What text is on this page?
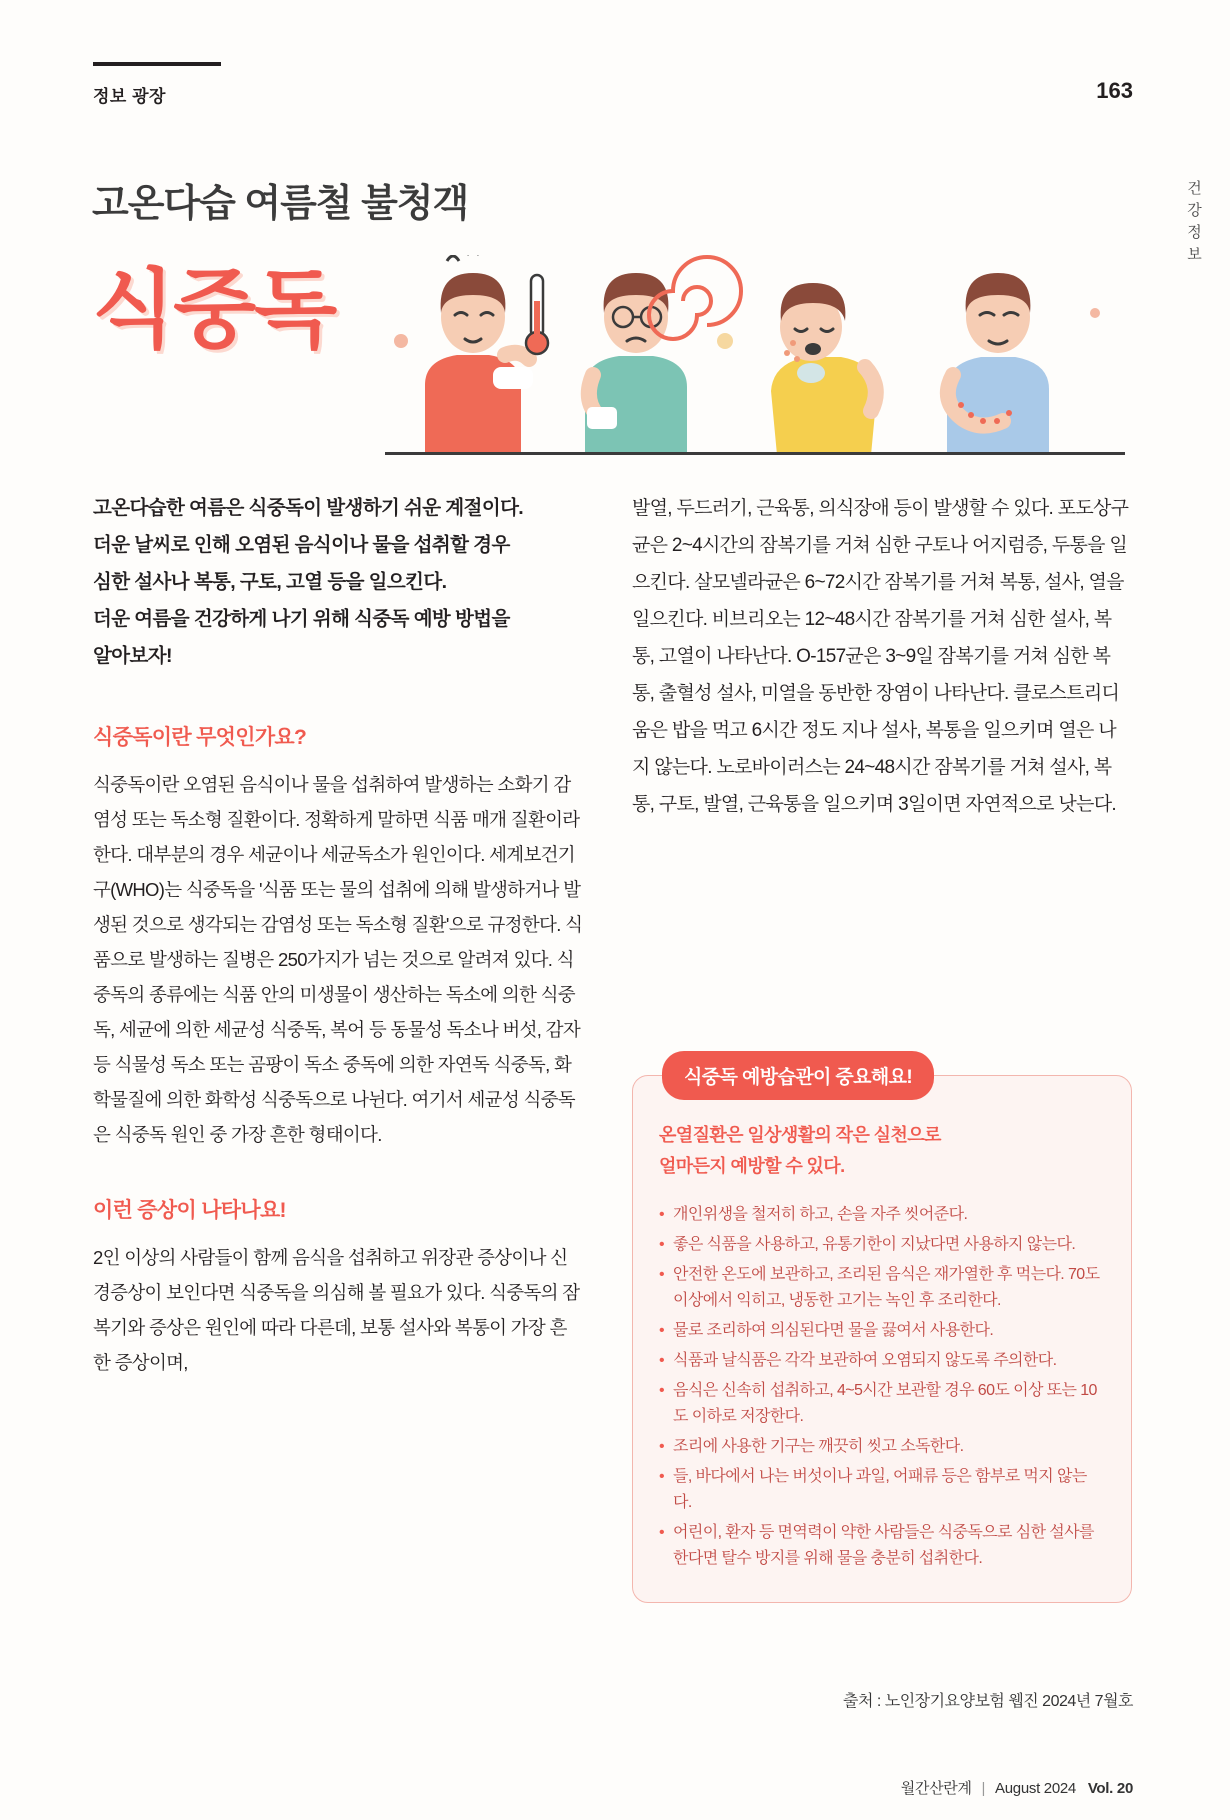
정보 광장	163
건
강
정
보
고온다습 여름철 불청객
식중독

고온다습한 여름은 식중독이 발생하기 쉬운 계절이다.
더운 날씨로 인해 오염된 음식이나 물을 섭취할 경우
심한 설사나 복통, 구토, 고열 등을 일으킨다.
더운 여름을 건강하게 나기 위해 식중독 예방 방법을
알아보자!

식중독이란 무엇인가요?

식중독이란 오염된 음식이나 물을 섭취하여 발생하는 소화기 감염성 또는 독소형 질환이다. 정확하게 말하면 식품 매개 질환이라 한다. 대부분의 경우 세균이나 세균독소가 원인이다. 세계보건기구(WHO)는 식중독을 '식품 또는 물의 섭취에 의해 발생하거나 발생된 것으로 생각되는 감염성 또는 독소형 질환'으로 규정한다. 식품으로 발생하는 질병은 250가지가 넘는 것으로 알려져 있다. 식중독의 종류에는 식품 안의 미생물이 생산하는 독소에 의한 식중독, 세균에 의한 세균성 식중독, 복어 등 동물성 독소나 버섯, 감자 등 식물성 독소 또는 곰팡이 독소 중독에 의한 자연독 식중독, 화학물질에 의한 화학성 식중독으로 나뉜다. 여기서 세균성 식중독은 식중독 원인 중 가장 흔한 형태이다.

이런 증상이 나타나요!

2인 이상의 사람들이 함께 음식을 섭취하고 위장관 증상이나 신경증상이 보인다면 식중독을 의심해 볼 필요가 있다. 식중독의 잠복기와 증상은 원인에 따라 다른데, 보통 설사와 복통이 가장 흔한 증상이며,

발열, 두드러기, 근육통, 의식장애 등이 발생할 수 있다. 포도상구균은 2~4시간의 잠복기를 거쳐 심한 구토나 어지럼증, 두통을 일으킨다. 살모넬라균은 6~72시간 잠복기를 거쳐 복통, 설사, 열을 일으킨다. 비브리오는 12~48시간 잠복기를 거쳐 심한 설사, 복통, 고열이 나타난다. O-157균은 3~9일 잠복기를 거쳐 심한 복통, 출혈성 설사, 미열을 동반한 장염이 나타난다. 클로스트리디움은 밥을 먹고 6시간 정도 지나 설사, 복통을 일으키며 열은 나지 않는다. 노로바이러스는 24~48시간 잠복기를 거쳐 설사, 복통, 구토, 발열, 근육통을 일으키며 3일이면 자연적으로 낫는다.

온열질환은 일상생활의 작은 실천으로
얼마든지 예방할 수 있다.

• 개인위생을 철저히 하고, 손을 자주 씻어준다.
• 좋은 식품을 사용하고, 유통기한이 지났다면 사용하지 않는다.
• 안전한 온도에 보관하고, 조리된 음식은 재가열한 후 먹는다. 70도 이상에서 익히고, 냉동한 고기는 녹인 후 조리한다.
• 물로 조리하여 의심된다면 물을 끓여서 사용한다.
• 식품과 날식품은 각각 보관하여 오염되지 않도록 주의한다.
• 음식은 신속히 섭취하고, 4~5시간 보관할 경우 60도 이상 또는 10도 이하로 저장한다.
• 조리에 사용한 기구는 깨끗히 씻고 소독한다.
• 들, 바다에서 나는 버섯이나 과일, 어패류 등은 함부로 먹지 않는다.
• 어린이, 환자 등 면역력이 약한 사람들은 식중독으로 심한 설사를 한다면 탈수 방지를 위해 물을 충분히 섭취한다.
식중독 예방습관이 중요해요!
출처 : 노인장기요양보험 웹진 2024년 7월호
월간산란계 | August 2024 Vol. 20
